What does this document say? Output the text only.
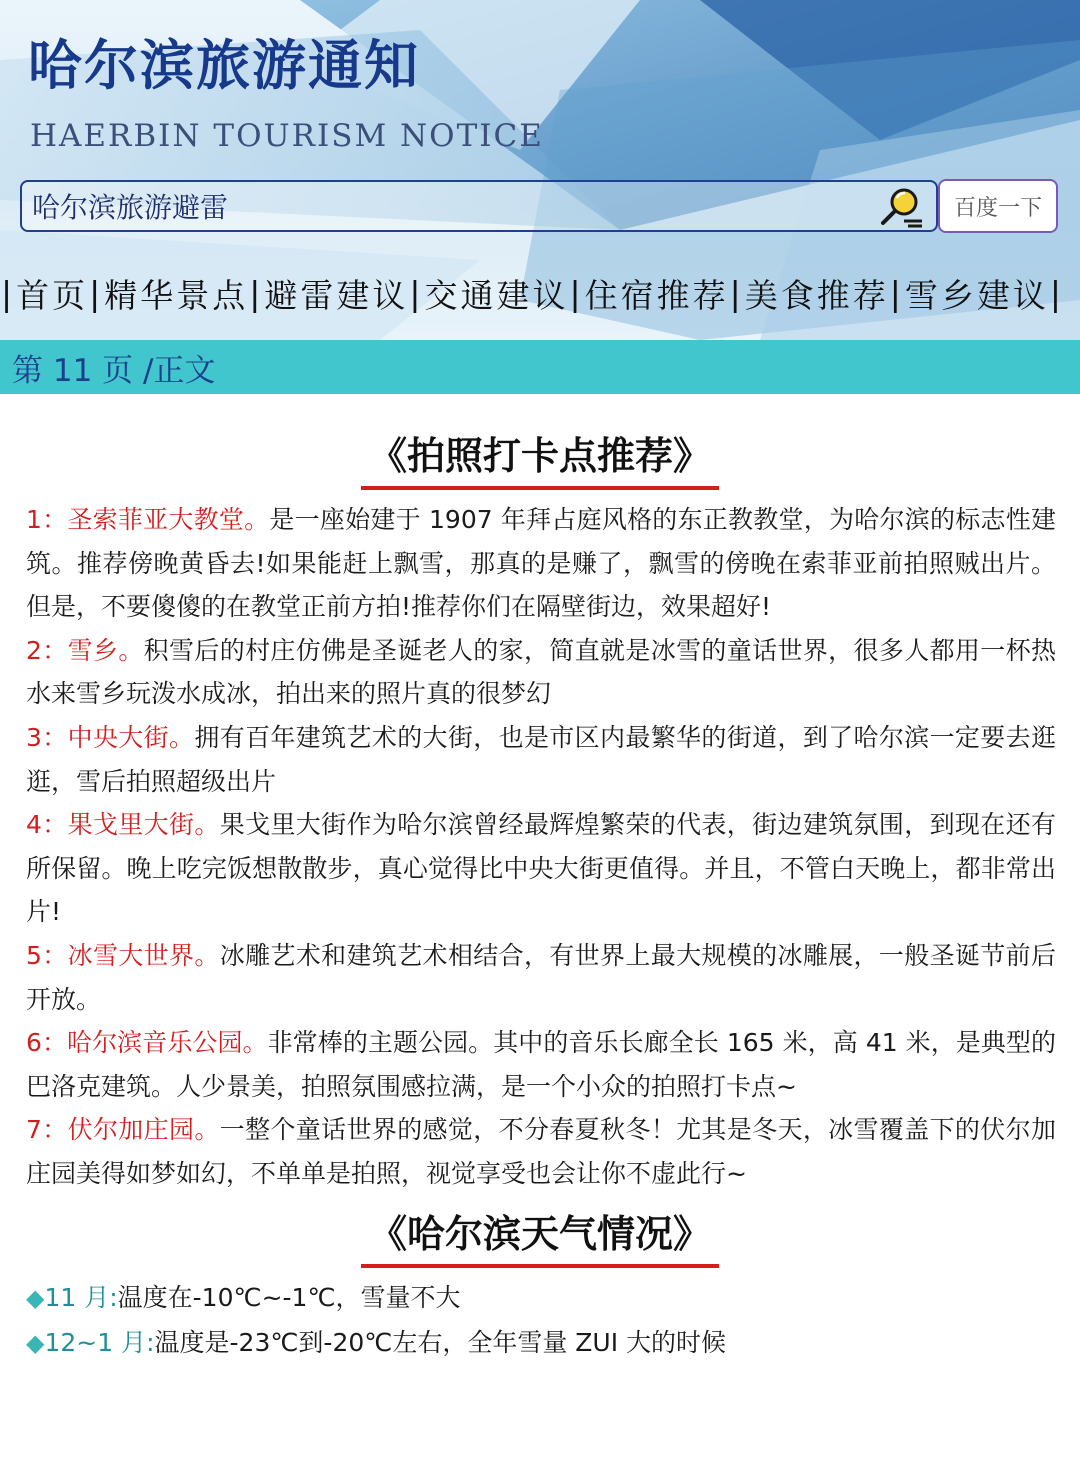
哈尔滨旅游通知
HAERBIN TOURISM NOTICE
哈尔滨旅游避雷
百度一下
| 首页 | 精华景点 | 避雷建议 | 交通建议 | 住宿推荐 | 美食推荐 | 雪乡建议 |
第 11 页 /正文
《拍照打卡点推荐》

1：圣索菲亚大教堂。是一座始建于 1907 年拜占庭风格的东正教教堂，为哈尔滨的标志性建筑。推荐傍晚黄昏去!如果能赶上飘雪，那真的是赚了，飘雪的傍晚在索菲亚前拍照贼出片。但是，不要傻傻的在教堂正前方拍!推荐你们在隔壁街边，效果超好!

2：雪乡。积雪后的村庄仿佛是圣诞老人的家，简直就是冰雪的童话世界，很多人都用一杯热水来雪乡玩泼水成冰，拍出来的照片真的很梦幻

3：中央大街。拥有百年建筑艺术的大街，也是市区内最繁华的街道，到了哈尔滨一定要去逛逛，雪后拍照超级出片

4：果戈里大街。果戈里大街作为哈尔滨曾经最辉煌繁荣的代表，街边建筑氛围，到现在还有所保留。晚上吃完饭想散散步，真心觉得比中央大街更值得。并且，不管白天晚上，都非常出片!

5：冰雪大世界。冰雕艺术和建筑艺术相结合，有世界上最大规模的冰雕展，一般圣诞节前后开放。

6：哈尔滨音乐公园。非常棒的主题公园。其中的音乐长廊全长 165 米，高 41 米，是典型的巴洛克建筑。人少景美，拍照氛围感拉满，是一个小众的拍照打卡点~

7：伏尔加庄园。一整个童话世界的感觉，不分春夏秋冬！尤其是冬天，冰雪覆盖下的伏尔加庄园美得如梦如幻，不单单是拍照，视觉享受也会让你不虚此行~

《哈尔滨天气情况》

◆11 月:温度在-10℃~-1℃，雪量不大

◆12~1 月:温度是-23℃到-20℃左右，全年雪量 ZUI 大的时候
